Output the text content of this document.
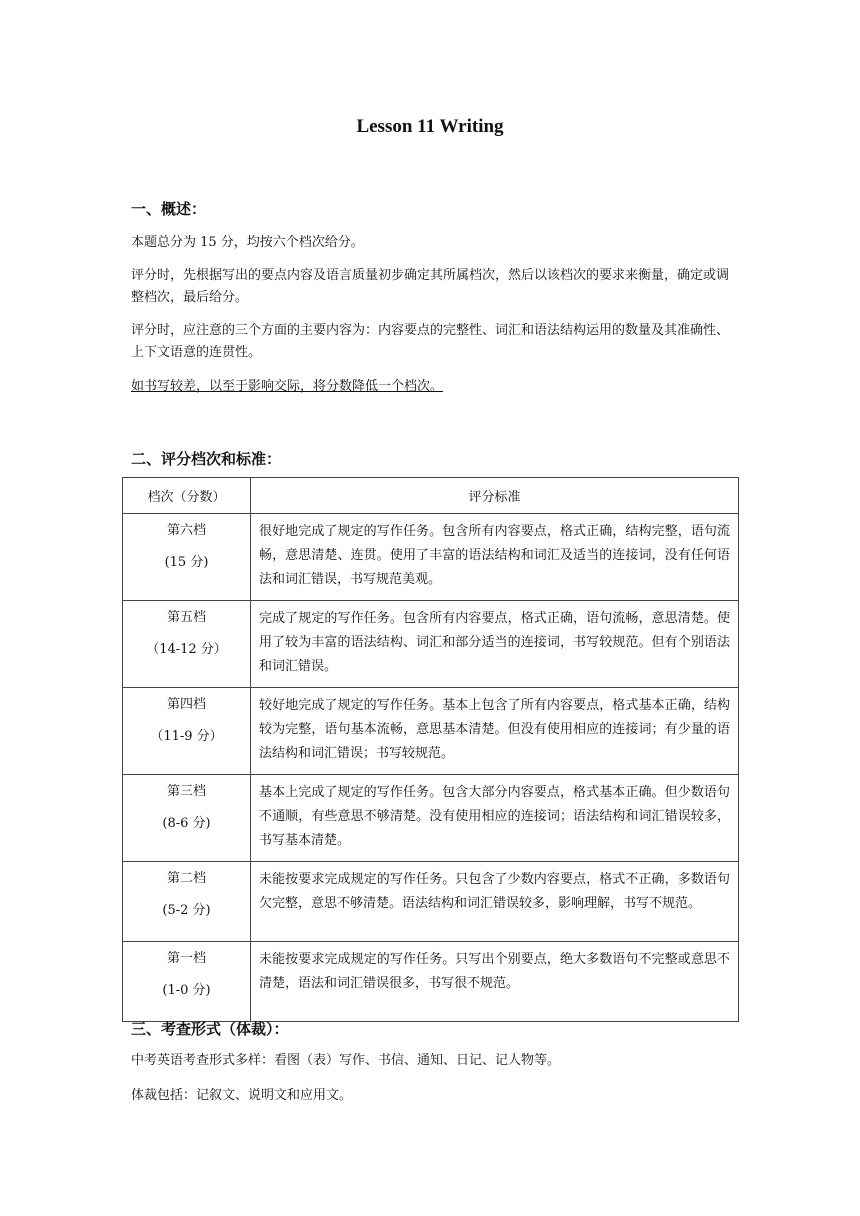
Lesson 11 Writing
一、概述：
本题总分为 15 分，均按六个档次给分。
评分时，先根据写出的要点内容及语言质量初步确定其所属档次，然后以该档次的要求来衡量，确定或调整档次，最后给分。
评分时，应注意的三个方面的主要内容为：内容要点的完整性、词汇和语法结构运用的数量及其准确性、上下文语意的连贯性。
如书写较差，以至于影响交际，将分数降低一个档次。
二、评分档次和标准：
档次（分数）	评分标准

第六档
(15 分)	很好地完成了规定的写作任务。包含所有内容要点，格式正确，结构完整，语句流畅，意思清楚、连贯。使用了丰富的语法结构和词汇及适当的连接词，没有任何语法和词汇错误，书写规范美观。

第五档
（14-12 分）	完成了规定的写作任务。包含所有内容要点，格式正确，语句流畅，意思清楚。使用了较为丰富的语法结构、词汇和部分适当的连接词，书写较规范。但有个别语法和词汇错误。

第四档
（11-9 分）	较好地完成了规定的写作任务。基本上包含了所有内容要点，格式基本正确，结构较为完整，语句基本流畅，意思基本清楚。但没有使用相应的连接词；有少量的语法结构和词汇错误；书写较规范。

第三档
(8-6 分)	基本上完成了规定的写作任务。包含大部分内容要点，格式基本正确。但少数语句不通顺，有些意思不够清楚。没有使用相应的连接词；语法结构和词汇错误较多，书写基本清楚。

第二档
(5-2 分)	未能按要求完成规定的写作任务。只包含了少数内容要点，格式不正确，多数语句欠完整，意思不够清楚。语法结构和词汇错误较多，影响理解，书写不规范。

第一档
(1-0 分)	未能按要求完成规定的写作任务。只写出个别要点，绝大多数语句不完整或意思不清楚，语法和词汇错误很多，书写很不规范。
三、考查形式（体裁）：
中考英语考查形式多样：看图（表）写作、书信、通知、日记、记人物等。
体裁包括：记叙文、说明文和应用文。
